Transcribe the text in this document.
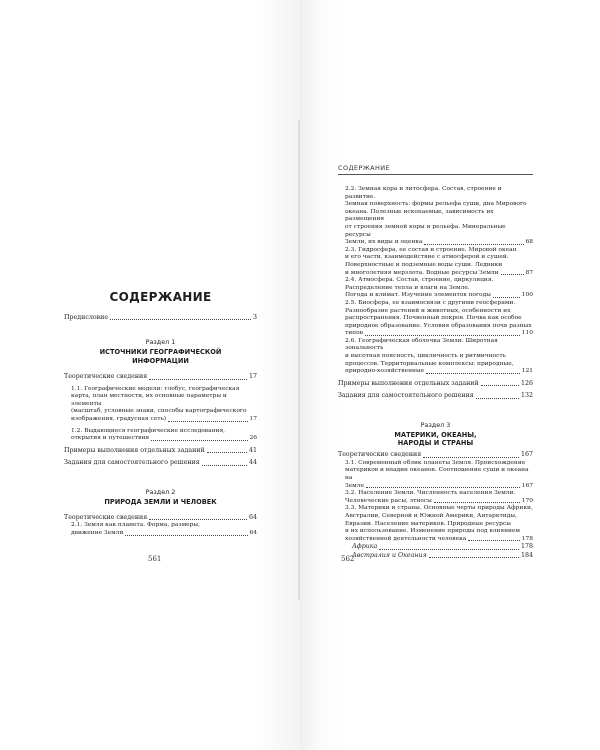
СОДЕРЖАНИЕ
Предисловие	3
Раздел 1
ИСТОЧНИКИ ГЕОГРАФИЧЕСКОЙ
ИНФОРМАЦИИ
Теоретические сведения	17
1.1. Географические модели: глобус, географическая
карта, план местности, их основные параметры и элементы
(масштаб, условные знаки, способы картографического
изображения, градусная сеть)	17
1.2. Выдающиеся географические исследования,
открытия и путешествия	26
Примеры выполнения отдельных заданий	41
Задания для самостоятельного решения	44
Раздел 2
ПРИРОДА ЗЕМЛИ И ЧЕЛОВЕК
Теоретические сведения	64
2.1. Земля как планета. Форма, размеры,
движение Земли	64
561
СОДЕРЖАНИЕ
2.2. Земная кора и литосфера. Состав, строение и развитие.
Земная поверхность: формы рельефа суши, дна Мирового
океана. Полезные ископаемые, зависимость их размещения
от строения земной коры и рельефа. Минеральные ресурсы
Земли, их виды и оценка	68
2.3. Гидросфера, ее состав и строение. Мировой океан
и его части, взаимодействие с атмосферой и сушей.
Поверхностные и подземные воды суши. Ледники
и многолетняя мерзлота. Водные ресурсы Земли	87
2.4. Атмосфера. Состав, строение, циркуляция.
Распределение тепла и влаги на Земле.
Погода и климат. Изучение элементов погоды	100
2.5. Биосфера, ее взаимосвязи с другими геосферами.
Разнообразие растений и животных, особенности их
распространения. Почвенный покров. Почва как особое
природное образование. Условия образования почв разных
типов	110
2.6. Географическая оболочка Земли. Широтная зональность
и высотная поясность, цикличность и ритмичность
процессов. Территориальные комплексы: природные,
природно-хозяйственные	121
Примеры выполнения отдельных заданий	126
Задания для самостоятельного решения	132
Раздел 3
МАТЕРИКИ, ОКЕАНЫ,
НАРОДЫ И СТРАНЫ
Теоретические сведения	167
3.1. Современный облик планеты Земля. Происхождение
материков и впадин океанов. Соотношение суши и океана на
Земле	167
3.2. Население Земли. Численность населения Земли.
Человеческие расы, этносы	170
3.3. Материки и страны. Основные черты природы Африки,
Австралии, Северной и Южной Америки, Антарктиды,
Евразии. Население материков. Природные ресурсы
и их использование. Изменение природы под влиянием
хозяйственной деятельности человека	178
Африка	178
Австралия и Океания	184
562
